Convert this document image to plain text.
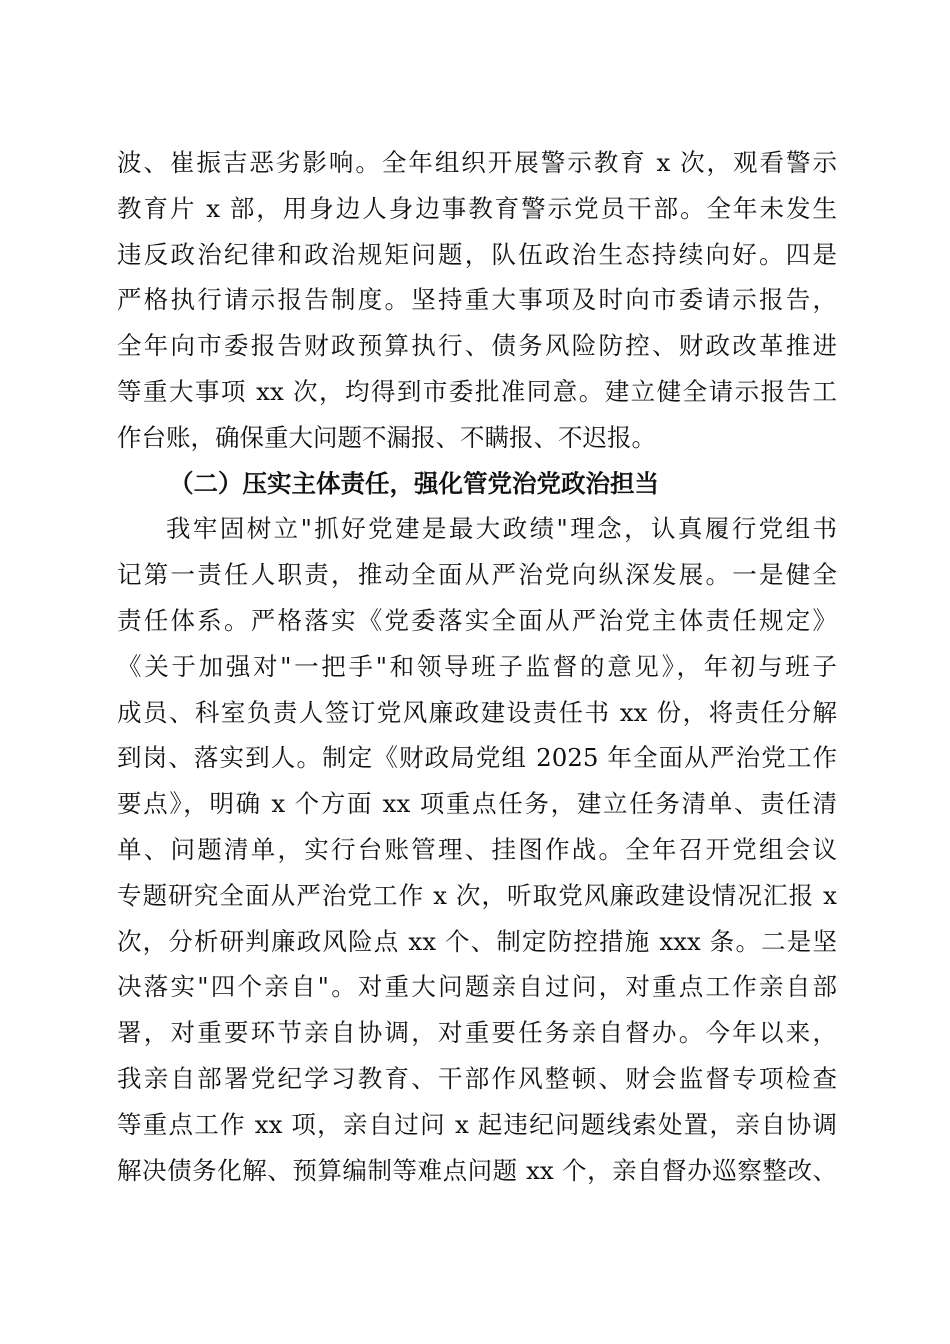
波、崔振吉恶劣影响。全年组织开展警示教育 x 次，观看警示
教育片 x 部，用身边人身边事教育警示党员干部。全年未发生
违反政治纪律和政治规矩问题，队伍政治生态持续向好。四是
严格执行请示报告制度。坚持重大事项及时向市委请示报告，
全年向市委报告财政预算执行、债务风险防控、财政改革推进
等重大事项 xx 次，均得到市委批准同意。建立健全请示报告工
作台账，确保重大问题不漏报、不瞒报、不迟报。
（二）压实主体责任，强化管党治党政治担当
我牢固树立"抓好党建是最大政绩"理念，认真履行党组书
记第一责任人职责，推动全面从严治党向纵深发展。一是健全
责任体系。严格落实《党委落实全面从严治党主体责任规定》
《关于加强对"一把手"和领导班子监督的意见》，年初与班子
成员、科室负责人签订党风廉政建设责任书 xx 份，将责任分解
到岗、落实到人。制定《财政局党组 2025 年全面从严治党工作
要点》，明确 x 个方面 xx 项重点任务，建立任务清单、责任清
单、问题清单，实行台账管理、挂图作战。全年召开党组会议
专题研究全面从严治党工作 x 次，听取党风廉政建设情况汇报 x
次，分析研判廉政风险点 xx 个、制定防控措施 xxx 条。二是坚
决落实"四个亲自"。对重大问题亲自过问，对重点工作亲自部
署，对重要环节亲自协调，对重要任务亲自督办。今年以来，
我亲自部署党纪学习教育、干部作风整顿、财会监督专项检查
等重点工作 xx 项，亲自过问 x 起违纪问题线索处置，亲自协调
解决债务化解、预算编制等难点问题 xx 个，亲自督办巡察整改、
